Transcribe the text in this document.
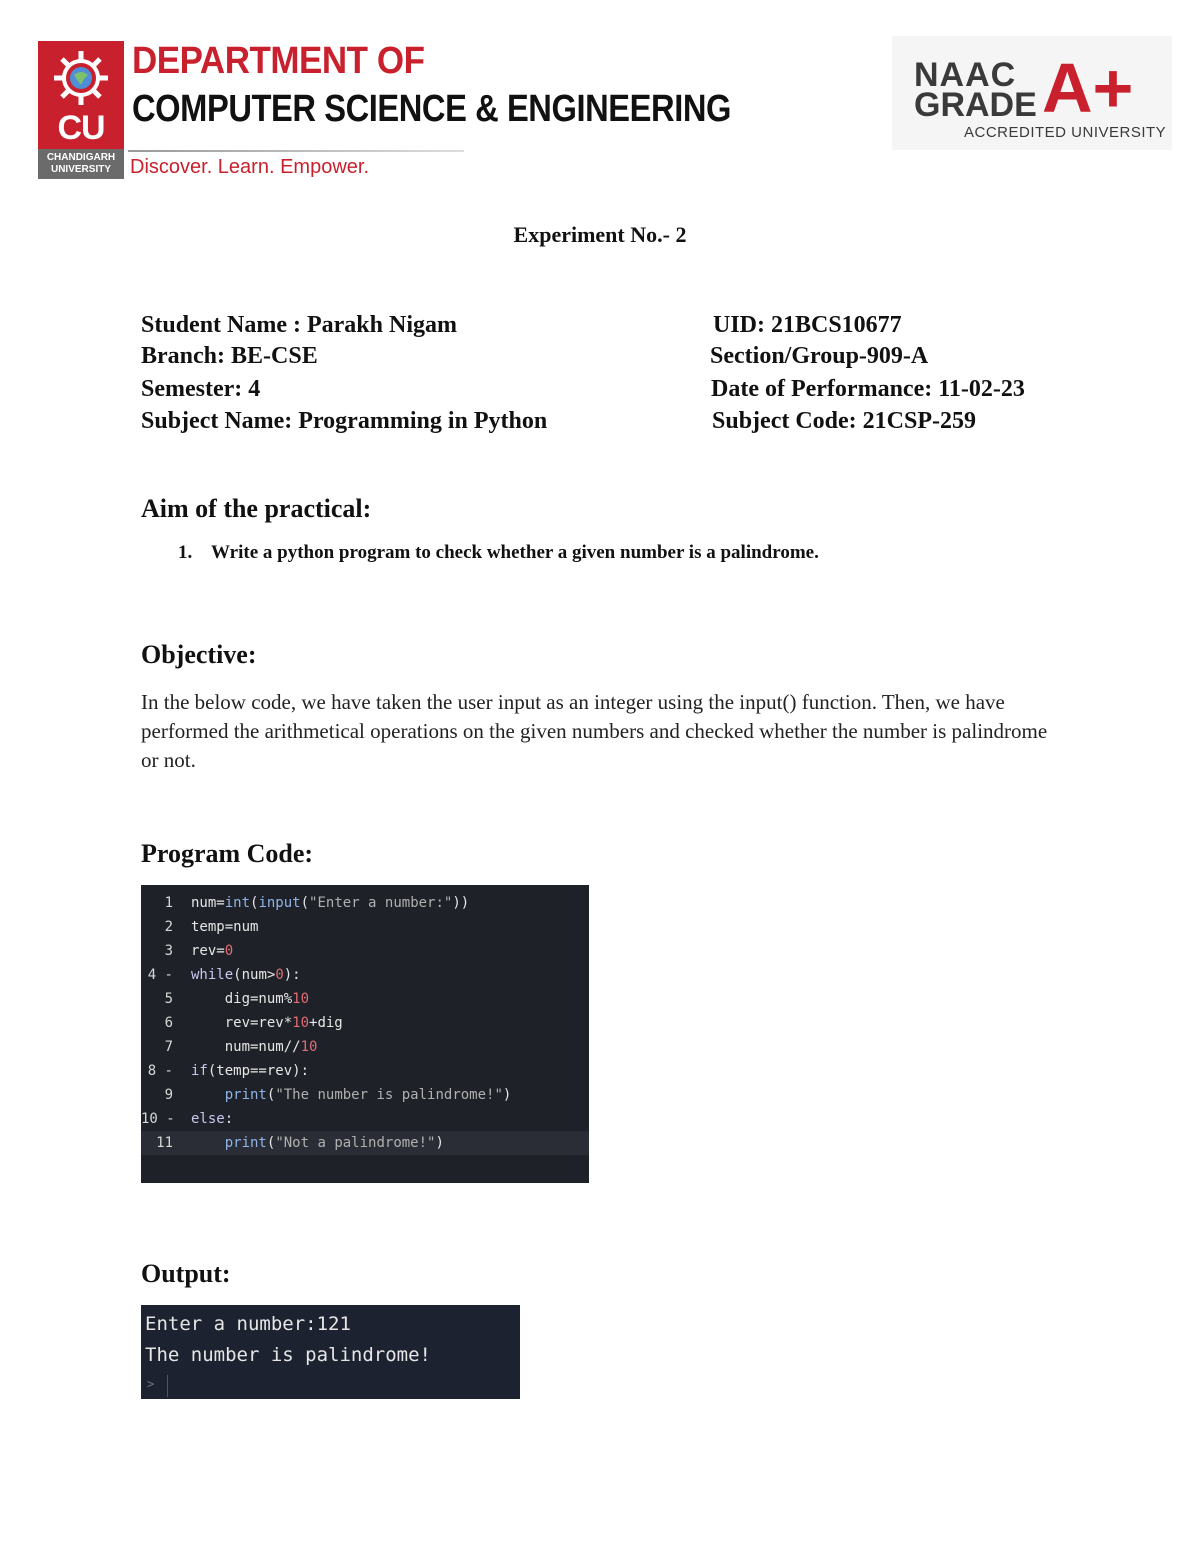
CU
CHANDIGARH UNIVERSITY
DEPARTMENT OF
COMPUTER SCIENCE & ENGINEERING
Discover. Learn. Empower.
NAAC
GRADE A+
ACCREDITED UNIVERSITY
Experiment No.- 2
Student Name : Parakh Nigam	UID: 21BCS10677
Branch: BE-CSE	Section/Group-909-A
Semester: 4	Date of Performance: 11-02-23
Subject Name: Programming in Python	Subject Code: 21CSP-259
Aim of the practical:
1. Write a python program to check whether a given number is a palindrome.
Objective:
In the below code, we have taken the user input as an integer using the input() function. Then, we have performed the arithmetical operations on the given numbers and checked whether the number is palindrome or not.
Program Code:
1 num=int(input("Enter a number:"))
2 temp=num
3 rev=0
4 - while(num>0):
5 dig=num%10
6 rev=rev*10+dig
7 num=num//10
8 - if(temp==rev):
9	print("The number is palindrome!")
10 - else:
11	print("Not a palindrome!")
Output:
Enter a number:121
The number is palindrome!
>
